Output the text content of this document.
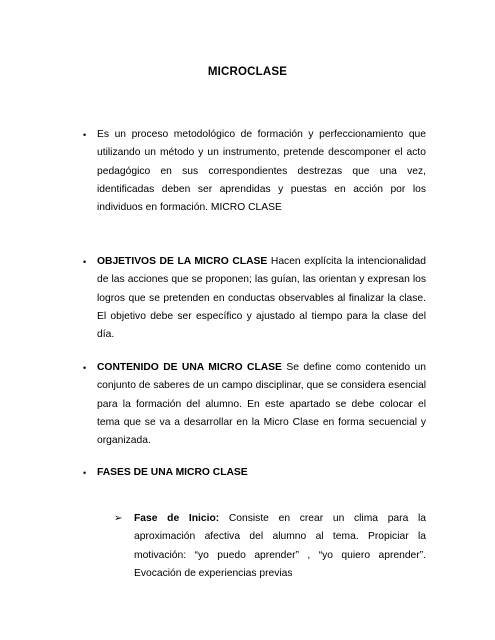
MICROCLASE
• Es un proceso metodológico de formación y perfeccionamiento que utilizando un método y un instrumento, pretende descomponer el acto pedagógico en sus correspondientes destrezas que una vez, identificadas deben ser aprendidas y puestas en acción por los individuos en formación. MICRO CLASE
• OBJETIVOS DE LA MICRO CLASE Hacen explícita la intencionalidad de las acciones que se proponen; las guían, las orientan y expresan los logros que se pretenden en conductas observables al finalizar la clase. El objetivo debe ser específico y ajustado al tiempo para la clase del día.
• CONTENIDO DE UNA MICRO CLASE Se define como contenido un conjunto de saberes de un campo disciplinar, que se considera esencial para la formación del alumno. En este apartado se debe colocar el tema que se va a desarrollar en la Micro Clase en forma secuencial y organizada.
• FASES DE UNA MICRO CLASE
➢ Fase de Inicio: Consiste en crear un clima para la aproximación afectiva del alumno al tema. Propiciar la motivación: “yo puedo aprender” , “yo quiero aprender”. Evocación de experiencias previas
